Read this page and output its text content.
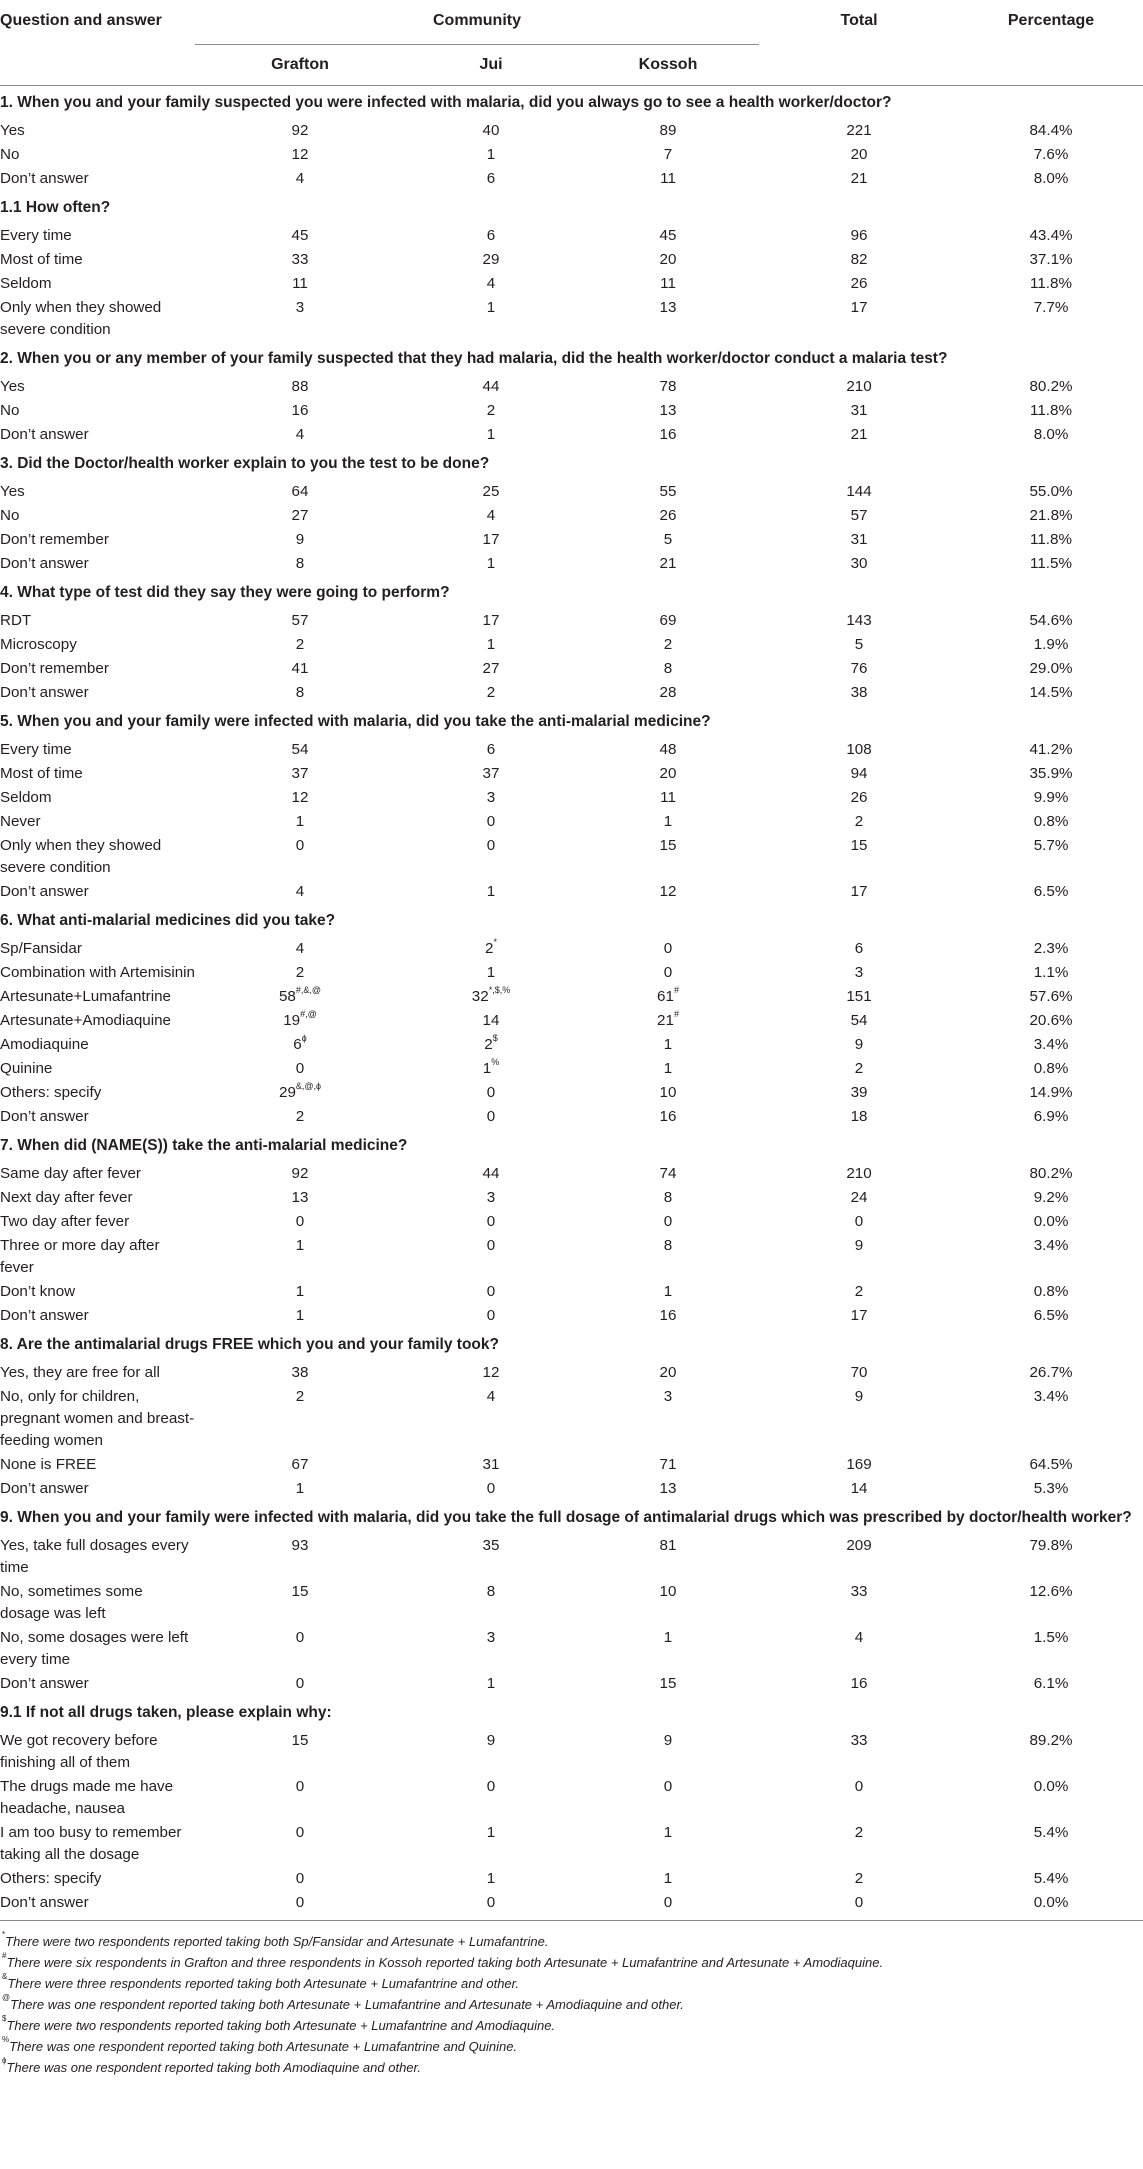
Question and answer	Community			Total	Percentage
	Grafton	Jui	Kossoh		
1. When you and your family suspected you were infected with malaria, did you always go to see a health worker/doctor?					
Yes	92	40	89	221	84.4%
No	12	1	7	20	7.6%
Don’t answer	4	6	11	21	8.0%
1.1 How often?					
Every time	45	6	45	96	43.4%
Most of time	33	29	20	82	37.1%
Seldom	11	4	11	26	11.8%
Only when they showed severe condition	3	1	13	17	7.7%
2. When you or any member of your family suspected that they had malaria, did the health worker/doctor conduct a malaria test?					
Yes	88	44	78	210	80.2%
No	16	2	13	31	11.8%
Don’t answer	4	1	16	21	8.0%
3. Did the Doctor/health worker explain to you the test to be done?					
Yes	64	25	55	144	55.0%
No	27	4	26	57	21.8%
Don’t remember	9	17	5	31	11.8%
Don’t answer	8	1	21	30	11.5%
4. What type of test did they say they were going to perform?					
RDT	57	17	69	143	54.6%
Microscopy	2	1	2	5	1.9%
Don’t remember	41	27	8	76	29.0%
Don’t answer	8	2	28	38	14.5%
5. When you and your family were infected with malaria, did you take the anti-malarial medicine?					
Every time	54	6	48	108	41.2%
Most of time	37	37	20	94	35.9%
Seldom	12	3	11	26	9.9%
Never	1	0	1	2	0.8%
Only when they showed severe condition	0	0	15	15	5.7%
Don’t answer	4	1	12	17	6.5%
6. What anti-malarial medicines did you take?					
Sp/Fansidar	4	2*	0	6	2.3%
Combination with Artemisinin	2	1	0	3	1.1%
Artesunate+Lumafantrine	58#,&,@	32*,$,%	61#	151	57.6%
Artesunate+Amodiaquine	19#,@	14	21#	54	20.6%
Amodiaquine	$6^ɸ$	2$	1	9	3.4%
Quinine	0	1%	1	2	0.8%
Others: specify	$29^{\&,@,ɸ}$	0	10	39	14.9%
Don’t answer	2	0	16	18	6.9%
7. When did (NAME(S)) take the anti-malarial medicine?					
Same day after fever	92	44	74	210	80.2%
Next day after fever	13	3	8	24	9.2%
Two day after fever	0	0	0	0	0.0%
Three or more day after fever	1	0	8	9	3.4%
Don’t know	1	0	1	2	0.8%
Don’t answer	1	0	16	17	6.5%
8. Are the antimalarial drugs FREE which you and your family took?					
Yes, they are free for all	38	12	20	70	26.7%
No, only for children, pregnant women and breast-feeding women	2	4	3	9	3.4%
None is FREE	67	31	71	169	64.5%
Don’t answer	1	0	13	14	5.3%
9. When you and your family were infected with malaria, did you take the full dosage of antimalarial drugs which was prescribed by doctor/health worker?					
Yes, take full dosages every time	93	35	81	209	79.8%
No, sometimes some dosage was left	15	8	10	33	12.6%
No, some dosages were left every time	0	3	1	4	1.5%
Don’t answer	0	1	15	16	6.1%
9.1 If not all drugs taken, please explain why:					
We got recovery before finishing all of them	15	9	9	33	89.2%
The drugs made me have headache, nausea	0	0	0	0	0.0%
I am too busy to remember taking all the dosage	0	1	1	2	5.4%
Others: specify	0	1	1	2	5.4%
Don’t answer	0	0	0	0	0.0%
*There were two respondents reported taking both Sp/Fansidar and Artesunate + Lumafantrine.
#There were six respondents in Grafton and three respondents in Kossoh reported taking both Artesunate + Lumafantrine and Artesunate + Amodiaquine.
&There were three respondents reported taking both Artesunate + Lumafantrine and other.
@There was one respondent reported taking both Artesunate + Lumafantrine and Artesunate + Amodiaquine and other.
$There were two respondents reported taking both Artesunate + Lumafantrine and Amodiaquine.
%There was one respondent reported taking both Artesunate + Lumafantrine and Quinine.
$^ɸ$There was one respondent reported taking both Amodiaquine and other.
